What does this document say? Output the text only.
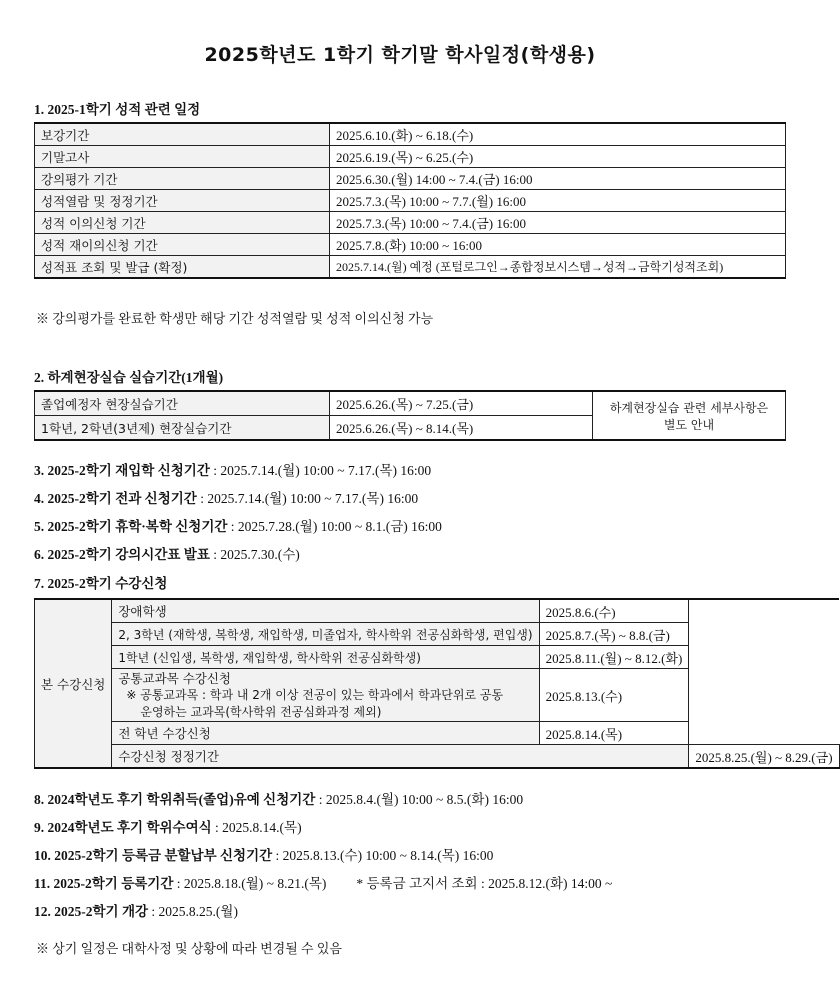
2025학년도 1학기 학기말 학사일정(학생용)
1. 2025-1학기 성적 관련 일정
보강기간	2025.6.10.(화) ~ 6.18.(수)
기말고사	2025.6.19.(목) ~ 6.25.(수)
강의평가 기간	2025.6.30.(월) 14:00 ~ 7.4.(금) 16:00
성적열람 및 정정기간	2025.7.3.(목) 10:00 ~ 7.7.(월) 16:00
성적 이의신청 기간	2025.7.3.(목) 10:00 ~ 7.4.(금) 16:00
성적 재이의신청 기간	2025.7.8.(화) 10:00 ~ 16:00
성적표 조회 및 발급 (확정)	2025.7.14.(월) 예정 (포털로그인→종합정보시스템→성적→금학기성적조회)
※ 강의평가를 완료한 학생만 해당 기간 성적열람 및 성적 이의신청 가능
2. 하계현장실습 실습기간(1개월)
졸업예정자 현장실습기간	2025.6.26.(목) ~ 7.25.(금)	하계현장실습 관련 세부사항은
별도 안내

1학년, 2학년(3년제) 현장실습기간	2025.6.26.(목) ~ 8.14.(목)	
3. 2025-2학기 재입학 신청기간 : 2025.7.14.(월) 10:00 ~ 7.17.(목) 16:00
4. 2025-2학기 전과 신청기간 : 2025.7.14.(월) 10:00 ~ 7.17.(목) 16:00
5. 2025-2학기 휴학·복학 신청기간 : 2025.7.28.(월) 10:00 ~ 8.1.(금) 16:00
6. 2025-2학기 강의시간표 발표 : 2025.7.30.(수)
7. 2025-2학기 수강신청
본 수강신청	장애학생	2025.8.6.(수)	
	2, 3학년 (재학생, 복학생, 재입학생, 미졸업자, 학사학위 전공심화학생, 편입생)	2025.8.7.(목) ~ 8.8.(금)	
	1학년 (신입생, 복학생, 재입학생, 학사학위 전공심화학생)	2025.8.11.(월) ~ 8.12.(화)	

	공통교과목 수강신청
※ 공통교과목 : 학과 내 2개 이상 전공이 있는 학과에서 학과단위로 공동
운영하는 교과목(학사학위 전공심화과정 제외)	2025.8.13.(수)	
	전 학년 수강신청	2025.8.14.(목)	
	수강신청 정정기간		2025.8.25.(월) ~ 8.29.(금)
8. 2024학년도 후기 학위취득(졸업)유예 신청기간 : 2025.8.4.(월) 10:00 ~ 8.5.(화) 16:00
9. 2024학년도 후기 학위수여식 : 2025.8.14.(목)
10. 2025-2학기 등록금 분할납부 신청기간 : 2025.8.13.(수) 10:00 ~ 8.14.(목) 16:00
11. 2025-2학기 등록기간 : 2025.8.18.(월) ~ 8.21.(목) * 등록금 고지서 조회 : 2025.8.12.(화) 14:00 ~
12. 2025-2학기 개강 : 2025.8.25.(월)
※ 상기 일정은 대학사정 및 상황에 따라 변경될 수 있음
